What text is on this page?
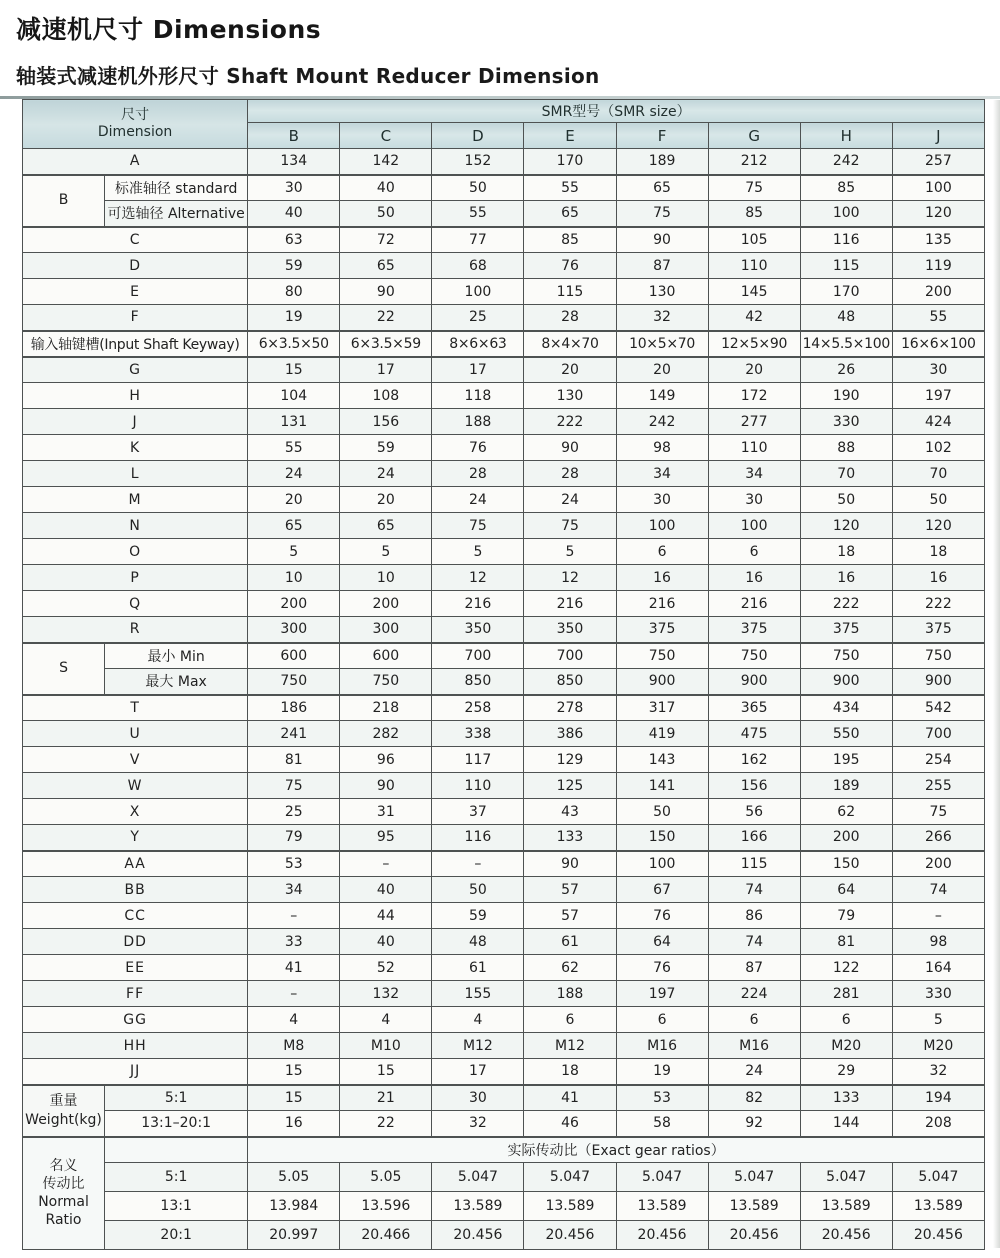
减速机尺寸 Dimensions
轴装式减速机外形尺寸 Shaft Mount Reducer Dimension
尺寸
Dimension		SMR型号（SMR size）							
		B	C	D	E	F	G	H	J
A		134	142	152	170	189	212	242	257
B	标准轴径 standard	30	40	50	55	65	75	85	100
	可选轴径 Alternative	40	50	55	65	75	85	100	120
C		63	72	77	85	90	105	116	135
D		59	65	68	76	87	110	115	119
E		80	90	100	115	130	145	170	200
F		19	22	25	28	32	42	48	55
输入轴键槽(Input Shaft Keyway)		6×3.5×50	6×3.5×59	8×6×63	8×4×70	10×5×70	12×5×90	14×5.5×100	16×6×100
G		15	17	17	20	20	20	26	30
H		104	108	118	130	149	172	190	197
J		131	156	188	222	242	277	330	424
K		55	59	76	90	98	110	88	102
L		24	24	28	28	34	34	70	70
M		20	20	24	24	30	30	50	50
N		65	65	75	75	100	100	120	120
O		5	5	5	5	6	6	18	18
P		10	10	12	12	16	16	16	16
Q		200	200	216	216	216	216	222	222
R		300	300	350	350	375	375	375	375
S	最小 Min	600	600	700	700	750	750	750	750
	最大 Max	750	750	850	850	900	900	900	900
T		186	218	258	278	317	365	434	542
U		241	282	338	386	419	475	550	700
V		81	96	117	129	143	162	195	254
W		75	90	110	125	141	156	189	255
X		25	31	37	43	50	56	62	75
Y		79	95	116	133	150	166	200	266
AA		53	–	–	90	100	115	150	200
BB		34	40	50	57	67	74	64	74
CC		–	44	59	57	76	86	79	–
DD		33	40	48	61	64	74	81	98
EE		41	52	61	62	76	87	122	164
FF		–	132	155	188	197	224	281	330
GG		4	4	4	6	6	6	6	5
HH		M8	M10	M12	M12	M16	M16	M20	M20
JJ		15	15	17	18	19	24	29	32
重量
Weight(kg)	5:1	15	21	30	41	53	82	133	194
	13:1–20:1	16	22	32	46	58	92	144	208
名义
传动比
Normal
Ratio		实际传动比（Exact gear ratios）							
	5:1	5.05	5.05	5.047	5.047	5.047	5.047	5.047	5.047
	13:1	13.984	13.596	13.589	13.589	13.589	13.589	13.589	13.589
	20:1	20.997	20.466	20.456	20.456	20.456	20.456	20.456	20.456
